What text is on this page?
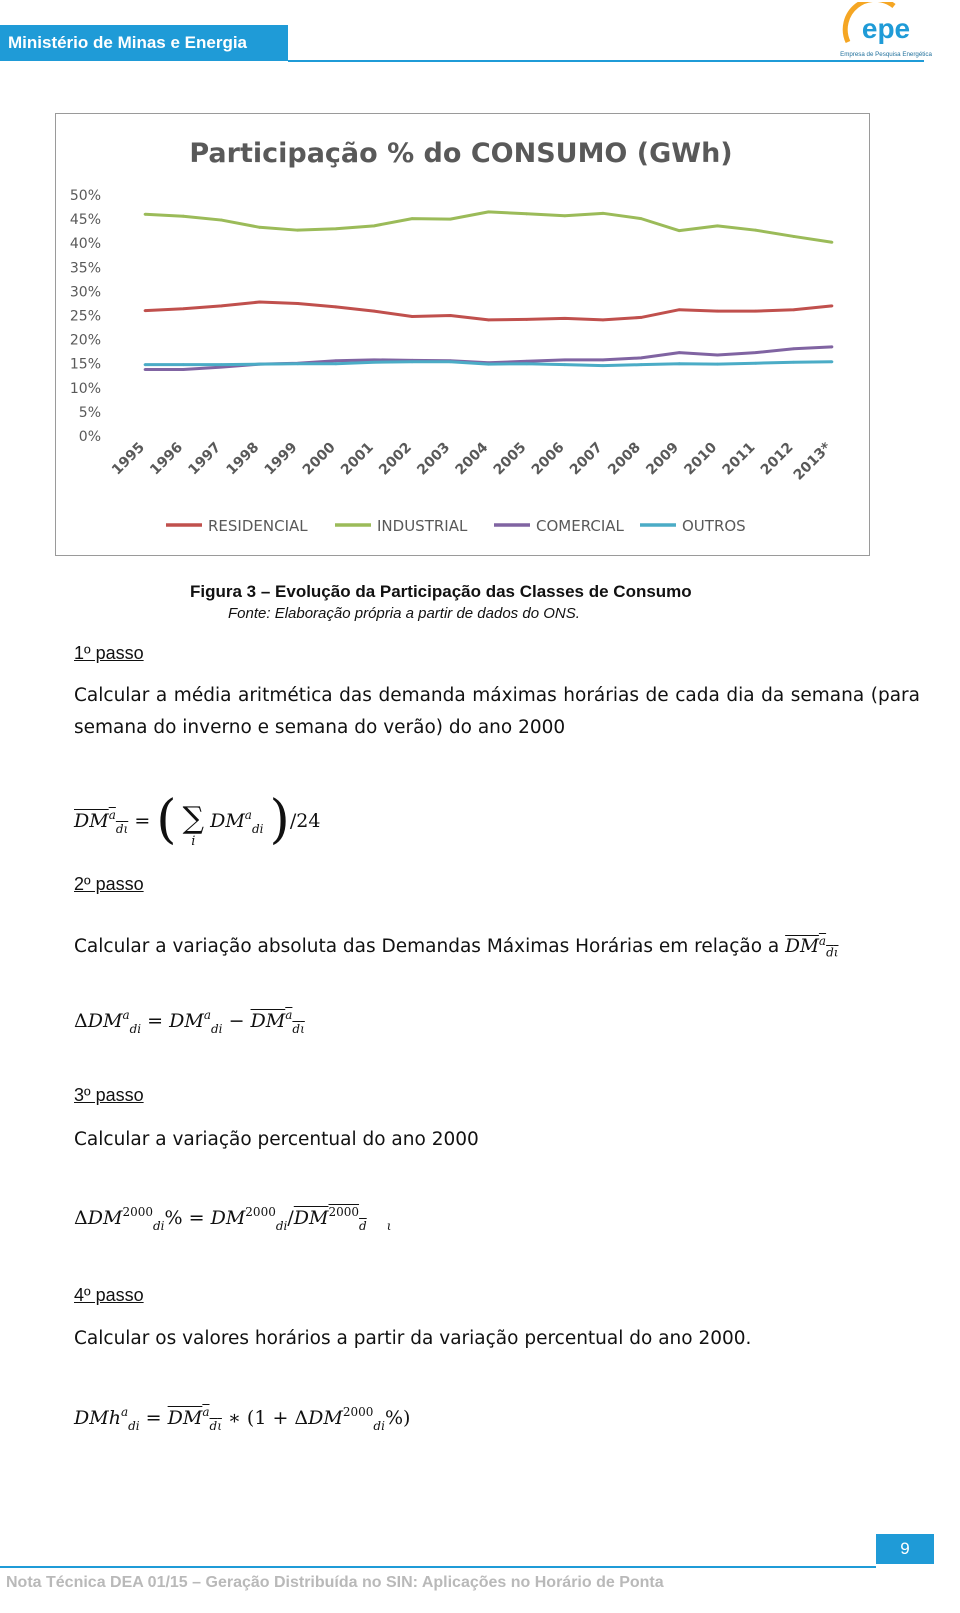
Ministério de Minas e Energia	epe
Empresa de Pesquisa Energética
Participação % do CONSUMO (GWh)
0%
5%
10%
15%
20%
25%
30%
35%
40%
45%
50%
1995 1996 1997 1998 1999 2000 2001 2002 2003 2004 2005 2006 2007 2008 2009 2010 2011 2012
2013*
RESIDENCIAL	INDUSTRIAL	COMERCIAL	OUTROS
Figura 3 – Evolução da Participação das Classes de Consumo
Fonte: Elaboração própria a partir de dados do ONS.
1º passo
Calcular a média aritmética das demanda máximas horárias de cada dia da semana (para semana do inverno e semana do verão) do ano 2000
$DM^a_{d\iota}$ = ( ∑
i
$DM^a_{di}$ )/24
2º passo
Calcular a variação absoluta das Demandas Máximas Horárias em relação a $DM^a_{d\iota}$
$\Delta DM^a_{di} = DM^a_{di} - DM^a_{d\iota}$
3º passo
Calcular a variação percentual do ano 2000
$\Delta DM^{2000}_{di}\% = DM^{2000}_{di}/DM^{2000}_d$ $_\iota$
4º passo
Calcular os valores horários a partir da variação percentual do ano 2000.
$DMh^a_{di} = DM^a_{d\iota}$ ∗ $(1 + \Delta DM^{2000}_{di}\%)$
Nota Técnica DEA 01/15 – Geração Distribuída no SIN: Aplicações no Horário de Ponta
9
